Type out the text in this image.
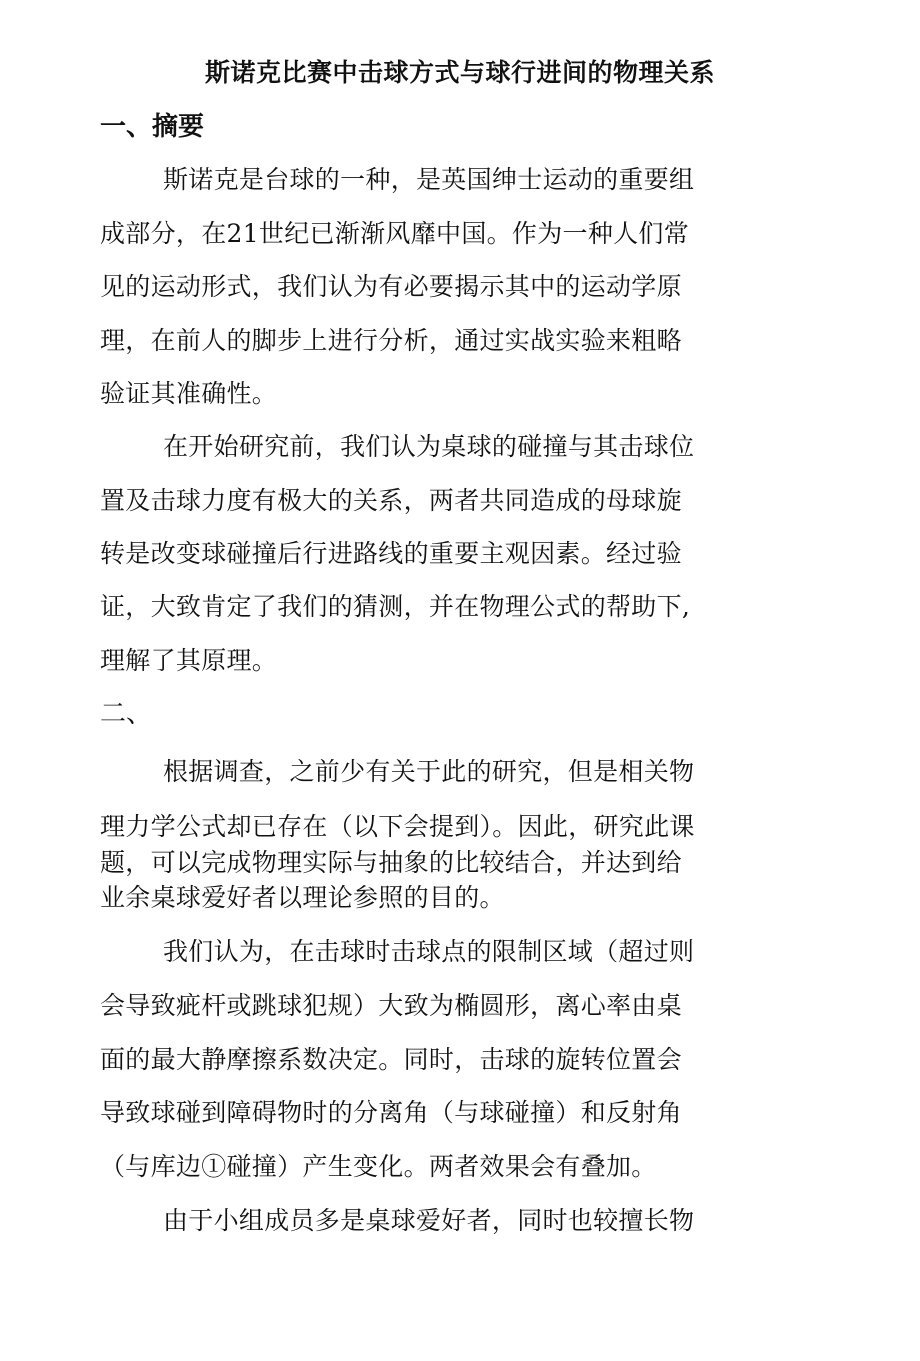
斯诺克比赛中击球方式与球行进间的物理关系
一、摘要
斯诺克是台球的一种，是英国绅士运动的重要组
成部分，在21世纪已渐渐风靡中国。作为一种人们常
见的运动形式，我们认为有必要揭示其中的运动学原
理，在前人的脚步上进行分析，通过实战实验来粗略
验证其准确性。
在开始研究前，我们认为桌球的碰撞与其击球位
置及击球力度有极大的关系，两者共同造成的母球旋
转是改变球碰撞后行进路线的重要主观因素。经过验
证，大致肯定了我们的猜测，并在物理公式的帮助下,
理解了其原理。
二、
根据调查，之前少有关于此的研究，但是相关物
理力学公式却已存在（以下会提到）。因此，研究此课
题，可以完成物理实际与抽象的比较结合，并达到给
业余桌球爱好者以理论参照的目的。
我们认为，在击球时击球点的限制区域（超过则
会导致疵杆或跳球犯规）大致为椭圆形，离心率由桌
面的最大静摩擦系数决定。同时，击球的旋转位置会
导致球碰到障碍物时的分离角（与球碰撞）和反射角
（与库边①碰撞）产生变化。两者效果会有叠加。
由于小组成员多是桌球爱好者，同时也较擅长物
